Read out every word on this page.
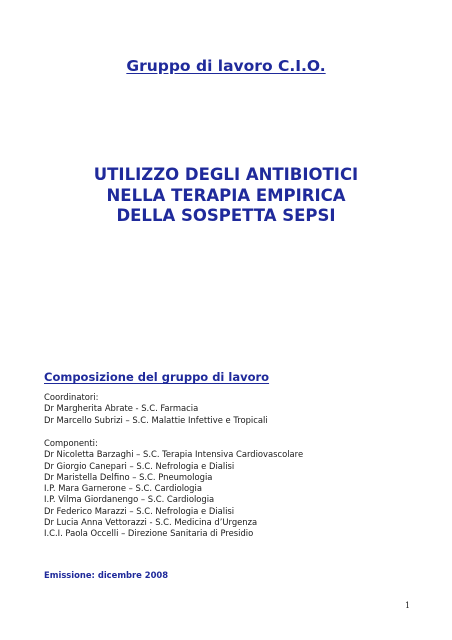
Gruppo di lavoro C.I.O.
UTILIZZO DEGLI ANTIBIOTICI
NELLA TERAPIA EMPIRICA
DELLA SOSPETTA SEPSI
Composizione del gruppo di lavoro
Coordinatori:
Dr Margherita Abrate - S.C. Farmacia
Dr Marcello Subrizi – S.C. Malattie Infettive e Tropicali
Componenti:
Dr Nicoletta Barzaghi – S.C. Terapia Intensiva Cardiovascolare
Dr Giorgio Canepari – S.C. Nefrologia e Dialisi
Dr Maristella Delfino – S.C. Pneumologia
I.P. Mara Garnerone – S.C. Cardiologia
I.P. Vilma Giordanengo – S.C. Cardiologia
Dr Federico Marazzi – S.C. Nefrologia e Dialisi
Dr Lucia Anna Vettorazzi - S.C. Medicina d’Urgenza
I.C.I. Paola Occelli – Direzione Sanitaria di Presidio

Emissione: dicembre 2008

1
